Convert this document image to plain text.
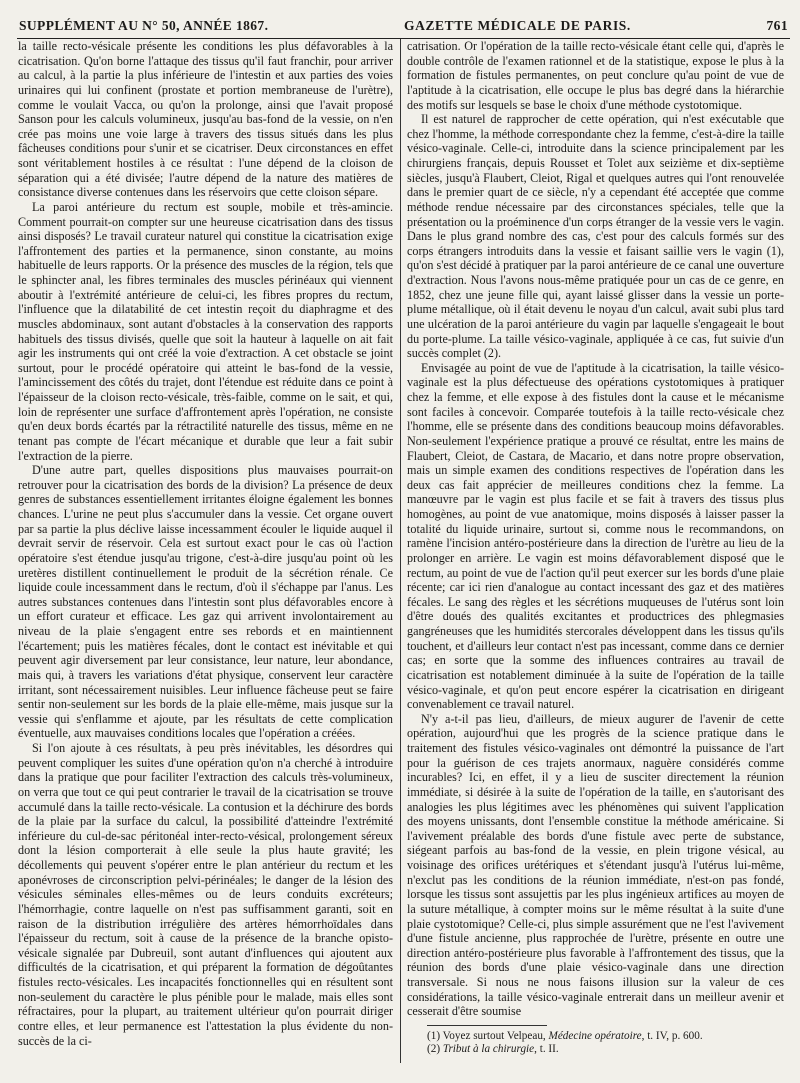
SUPPLÉMENT AU N° 50, ANNÉE 1867.	GAZETTE MÉDICALE DE PARIS.	761

la taille recto-vésicale présente les conditions les plus défavorables à la cicatrisation. Qu'on borne l'attaque des tissus qu'il faut franchir, pour arriver au calcul, à la partie la plus inférieure de l'intestin et aux parties des voies urinaires qui lui confinent (prostate et portion membraneuse de l'urètre), comme le voulait Vacca, ou qu'on la prolonge, ainsi que l'avait proposé Sanson pour les calculs volumineux, jusqu'au bas-fond de la vessie, on n'en crée pas moins une voie large à travers des tissus situés dans les plus fâcheuses conditions pour s'unir et se cicatriser. Deux circonstances en effet sont véritablement hostiles à ce résultat : l'une dépend de la cloison de séparation qui a été divisée; l'autre dépend de la nature des matières de consistance diverse contenues dans les réservoirs que cette cloison sépare.

La paroi antérieure du rectum est souple, mobile et très-amincie. Comment pourrait-on compter sur une heureuse cicatrisation dans des tissus ainsi disposés? Le travail curateur naturel qui constitue la cicatrisation exige l'affrontement des parties et la permanence, sinon constante, au moins habituelle de leurs rapports. Or la présence des muscles de la région, tels que le sphincter anal, les fibres terminales des muscles périnéaux qui viennent aboutir à l'extrémité antérieure de celui-ci, les fibres propres du rectum, l'influence que la dilatabilité de cet intestin reçoit du diaphragme et des muscles abdominaux, sont autant d'obstacles à la conservation des rapports habituels des tissus divisés, quelle que soit la hauteur à laquelle on ait fait agir les instruments qui ont créé la voie d'extraction. A cet obstacle se joint surtout, pour le procédé opératoire qui atteint le bas-fond de la vessie, l'amincissement des côtés du trajet, dont l'étendue est réduite dans ce point à l'épaisseur de la cloison recto-vésicale, très-faible, comme on le sait, et qui, loin de représenter une surface d'affrontement après l'opération, ne consiste qu'en deux bords écartés par la rétractilité naturelle des tissus, même en ne tenant pas compte de l'écart mécanique et durable que leur a fait subir l'extraction de la pierre.

D'une autre part, quelles dispositions plus mauvaises pourrait-on retrouver pour la cicatrisation des bords de la division? La présence de deux genres de substances essentiellement irritantes éloigne également les bonnes chances. L'urine ne peut plus s'accumuler dans la vessie. Cet organe ouvert par sa partie la plus déclive laisse incessamment écouler le liquide auquel il devrait servir de réservoir. Cela est surtout exact pour le cas où l'action opératoire s'est étendue jusqu'au trigone, c'est-à-dire jusqu'au point où les uretères distillent continuellement le produit de la sécrétion rénale. Ce liquide coule incessamment dans le rectum, d'où il s'échappe par l'anus. Les autres substances contenues dans l'intestin sont plus défavorables encore à un effort curateur et efficace. Les gaz qui arrivent involontairement au niveau de la plaie s'engagent entre ses rebords et en maintiennent l'écartement; puis les matières fécales, dont le contact est inévitable et qui peuvent agir diversement par leur consistance, leur nature, leur abondance, mais qui, à travers les variations d'état physique, conservent leur caractère irritant, sont nécessairement nuisibles. Leur influence fâcheuse peut se faire sentir non-seulement sur les bords de la plaie elle-même, mais jusque sur la vessie qui s'enflamme et ajoute, par les résultats de cette complication éventuelle, aux mauvaises conditions locales que l'opération a créées.

Si l'on ajoute à ces résultats, à peu près inévitables, les désordres qui peuvent compliquer les suites d'une opération qu'on n'a cherché à introduire dans la pratique que pour faciliter l'extraction des calculs très-volumineux, on verra que tout ce qui peut contrarier le travail de la cicatrisation se trouve accumulé dans la taille recto-vésicale. La contusion et la déchirure des bords de la plaie par la surface du calcul, la possibilité d'atteindre l'extrémité inférieure du cul-de-sac péritonéal inter-recto-vésical, prolongement séreux dont la lésion comporterait à elle seule la plus haute gravité; les décollements qui peuvent s'opérer entre le plan antérieur du rectum et les aponévroses de circonscription pelvi-périnéales; le danger de la lésion des vésicules séminales elles-mêmes ou de leurs conduits excréteurs; l'hémorrhagie, contre laquelle on n'est pas suffisamment garanti, soit en raison de la distribution irrégulière des artères hémorrhoïdales dans l'épaisseur du rectum, soit à cause de la présence de la branche opisto-vésicale signalée par Dubreuil, sont autant d'influences qui ajoutent aux difficultés de la cicatrisation, et qui préparent la formation de dégoûtantes fistules recto-vésicales. Les incapacités fonctionnelles qui en résultent sont non-seulement du caractère le plus pénible pour le malade, mais elles sont réfractaires, pour la plupart, au traitement ultérieur qu'on pourrait diriger contre elles, et leur permanence est l'attestation la plus évidente du non-succès de la ci-

catrisation. Or l'opération de la taille recto-vésicale étant celle qui, d'après le double contrôle de l'examen rationnel et de la statistique, expose le plus à la formation de fistules permanentes, on peut conclure qu'au point de vue de l'aptitude à la cicatrisation, elle occupe le plus bas degré dans la hiérarchie des motifs sur lesquels se base le choix d'une méthode cystotomique.

Il est naturel de rapprocher de cette opération, qui n'est exécutable que chez l'homme, la méthode correspondante chez la femme, c'est-à-dire la taille vésico-vaginale. Celle-ci, introduite dans la science principalement par les chirurgiens français, depuis Rousset et Tolet aux seizième et dix-septième siècles, jusqu'à Flaubert, Cleiot, Rigal et quelques autres qui l'ont renouvelée dans le premier quart de ce siècle, n'y a cependant été acceptée que comme méthode rendue nécessaire par des circonstances spéciales, telle que la présentation ou la proéminence d'un corps étranger de la vessie vers le vagin. Dans le plus grand nombre des cas, c'est pour des calculs formés sur des corps étrangers introduits dans la vessie et faisant saillie vers le vagin (1), qu'on s'est décidé à pratiquer par la paroi antérieure de ce canal une ouverture d'extraction. Nous l'avons nous-même pratiquée pour un cas de ce genre, en 1852, chez une jeune fille qui, ayant laissé glisser dans la vessie un porte-plume métallique, où il était devenu le noyau d'un calcul, avait subi plus tard une ulcération de la paroi antérieure du vagin par laquelle s'engageait le bout du porte-plume. La taille vésico-vaginale, appliquée à ce cas, fut suivie d'un succès complet (2).

Envisagée au point de vue de l'aptitude à la cicatrisation, la taille vésico-vaginale est la plus défectueuse des opérations cystotomiques à pratiquer chez la femme, et elle expose à des fistules dont la cause et le mécanisme sont faciles à concevoir. Comparée toutefois à la taille recto-vésicale chez l'homme, elle se présente dans des conditions beaucoup moins défavorables. Non-seulement l'expérience pratique a prouvé ce résultat, entre les mains de Flaubert, Cleiot, de Castara, de Macario, et dans notre propre observation, mais un simple examen des conditions respectives de l'opération dans les deux cas fait apprécier de meilleures conditions chez la femme. La manœuvre par le vagin est plus facile et se fait à travers des tissus plus homogènes, au point de vue anatomique, moins disposés à laisser passer la totalité du liquide urinaire, surtout si, comme nous le recommandons, on ramène l'incision antéro-postérieure dans la direction de l'urètre au lieu de la prolonger en arrière. Le vagin est moins défavorablement disposé que le rectum, au point de vue de l'action qu'il peut exercer sur les bords d'une plaie récente; car ici rien d'analogue au contact incessant des gaz et des matières fécales. Le sang des règles et les sécrétions muqueuses de l'utérus sont loin d'être doués des qualités excitantes et productrices des phlegmasies gangréneuses que les humidités stercorales développent dans les tissus qu'ils touchent, et d'ailleurs leur contact n'est pas incessant, comme dans ce dernier cas; en sorte que la somme des influences contraires au travail de cicatrisation est notablement diminuée à la suite de l'opération de la taille vésico-vaginale, et qu'on peut encore espérer la cicatrisation en dirigeant convenablement ce travail naturel.

N'y a-t-il pas lieu, d'ailleurs, de mieux augurer de l'avenir de cette opération, aujourd'hui que les progrès de la science pratique dans le traitement des fistules vésico-vaginales ont démontré la puissance de l'art pour la guérison de ces trajets anormaux, naguère considérés comme incurables? Ici, en effet, il y a lieu de susciter directement la réunion immédiate, si désirée à la suite de l'opération de la taille, en s'autorisant des analogies les plus légitimes avec les phénomènes qui suivent l'application des moyens unissants, dont l'ensemble constitue la méthode américaine. Si l'avivement préalable des bords d'une fistule avec perte de substance, siégeant parfois au bas-fond de la vessie, en plein trigone vésical, au voisinage des orifices urétériques et s'étendant jusqu'à l'utérus lui-même, n'exclut pas les conditions de la réunion immédiate, n'est-on pas fondé, lorsque les tissus sont assujettis par les plus ingénieux artifices au moyen de la suture métallique, à compter moins sur le même résultat à la suite d'une plaie cystotomique? Celle-ci, plus simple assurément que ne l'est l'avivement d'une fistule ancienne, plus rapprochée de l'urètre, présente en outre une direction antéro-postérieure plus favorable à l'affrontement des tissus, que la réunion des bords d'une plaie vésico-vaginale dans une direction transversale. Si nous ne nous faisons illusion sur la valeur de ces considérations, la taille vésico-vaginale entrerait dans un meilleur avenir et cesserait d'être soumise

(1) Voyez surtout Velpeau, Médecine opératoire, t. IV, p. 600.
(2) Tribut à la chirurgie, t. II.
